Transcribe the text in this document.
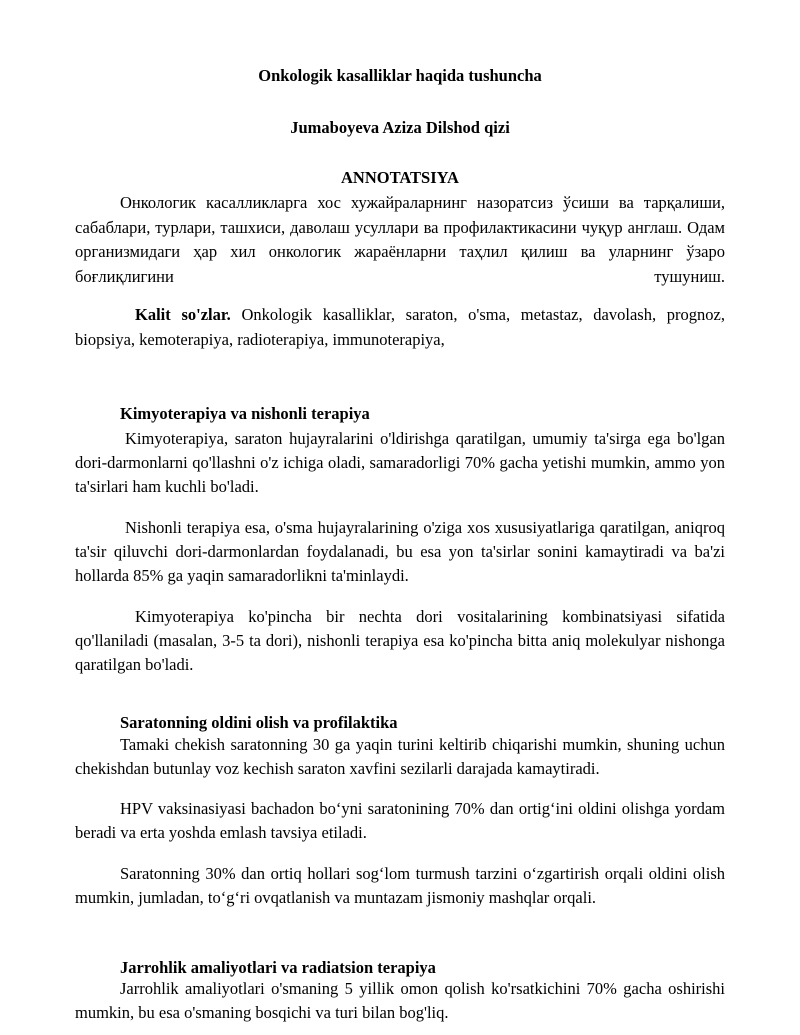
Onkologik kasalliklar haqida tushuncha
Jumaboyeva Aziza Dilshod qizi
ANNOTATSIYA
Онкологик касалликларга хос хужайраларнинг назоратсиз ўсиши ва тарқалиши, сабаблари, турлари, ташхиси, даволаш усуллари ва профилактикасини чуқур англаш. Одам организмидаги ҳар хил онкологик жараёнларни таҳлил қилиш ва уларнинг ўзаро боғлиқлигини тушуниш.
Kalit so'zlar. Onkologik kasalliklar, saraton, o'sma, metastaz, davolash, prognoz, biopsiya, kemoterapiya, radioterapiya, immunoterapiya,
Kimyoterapiya va nishonli terapiya
Kimyoterapiya, saraton hujayralarini o'ldirishga qaratilgan, umumiy ta'sirga ega bo'lgan dori-darmonlarni qo'llashni o'z ichiga oladi, samaradorligi 70% gacha yetishi mumkin, ammo yon ta'sirlari ham kuchli bo'ladi.
Nishonli terapiya esa, o'sma hujayralarining o'ziga xos xususiyatlariga qaratilgan, aniqroq ta'sir qiluvchi dori-darmonlardan foydalanadi, bu esa yon ta'sirlar sonini kamaytiradi va ba'zi hollarda 85% ga yaqin samaradorlikni ta'minlaydi.
Kimyoterapiya ko'pincha bir nechta dori vositalarining kombinatsiyasi sifatida qo'llaniladi (masalan, 3-5 ta dori), nishonli terapiya esa ko'pincha bitta aniq molekulyar nishonga qaratilgan bo'ladi.
Saratonning oldini olish va profilaktika
Tamaki chekish saratonning 30 ga yaqin turini keltirib chiqarishi mumkin, shuning uchun chekishdan butunlay voz kechish saraton xavfini sezilarli darajada kamaytiradi.
HPV vaksinasiyasi bachadon bo‘yni saratonining 70% dan ortig‘ini oldini olishga yordam beradi va erta yoshda emlash tavsiya etiladi.
Saratonning 30% dan ortiq hollari sog‘lom turmush tarzini o‘zgartirish orqali oldini olish mumkin, jumladan, to‘g‘ri ovqatlanish va muntazam jismoniy mashqlar orqali.
Jarrohlik amaliyotlari va radiatsion terapiya
Jarrohlik amaliyotlari o'smaning 5 yillik omon qolish ko'rsatkichini 70% gacha oshirishi mumkin, bu esa o'smaning bosqichi va turi bilan bog'liq.
